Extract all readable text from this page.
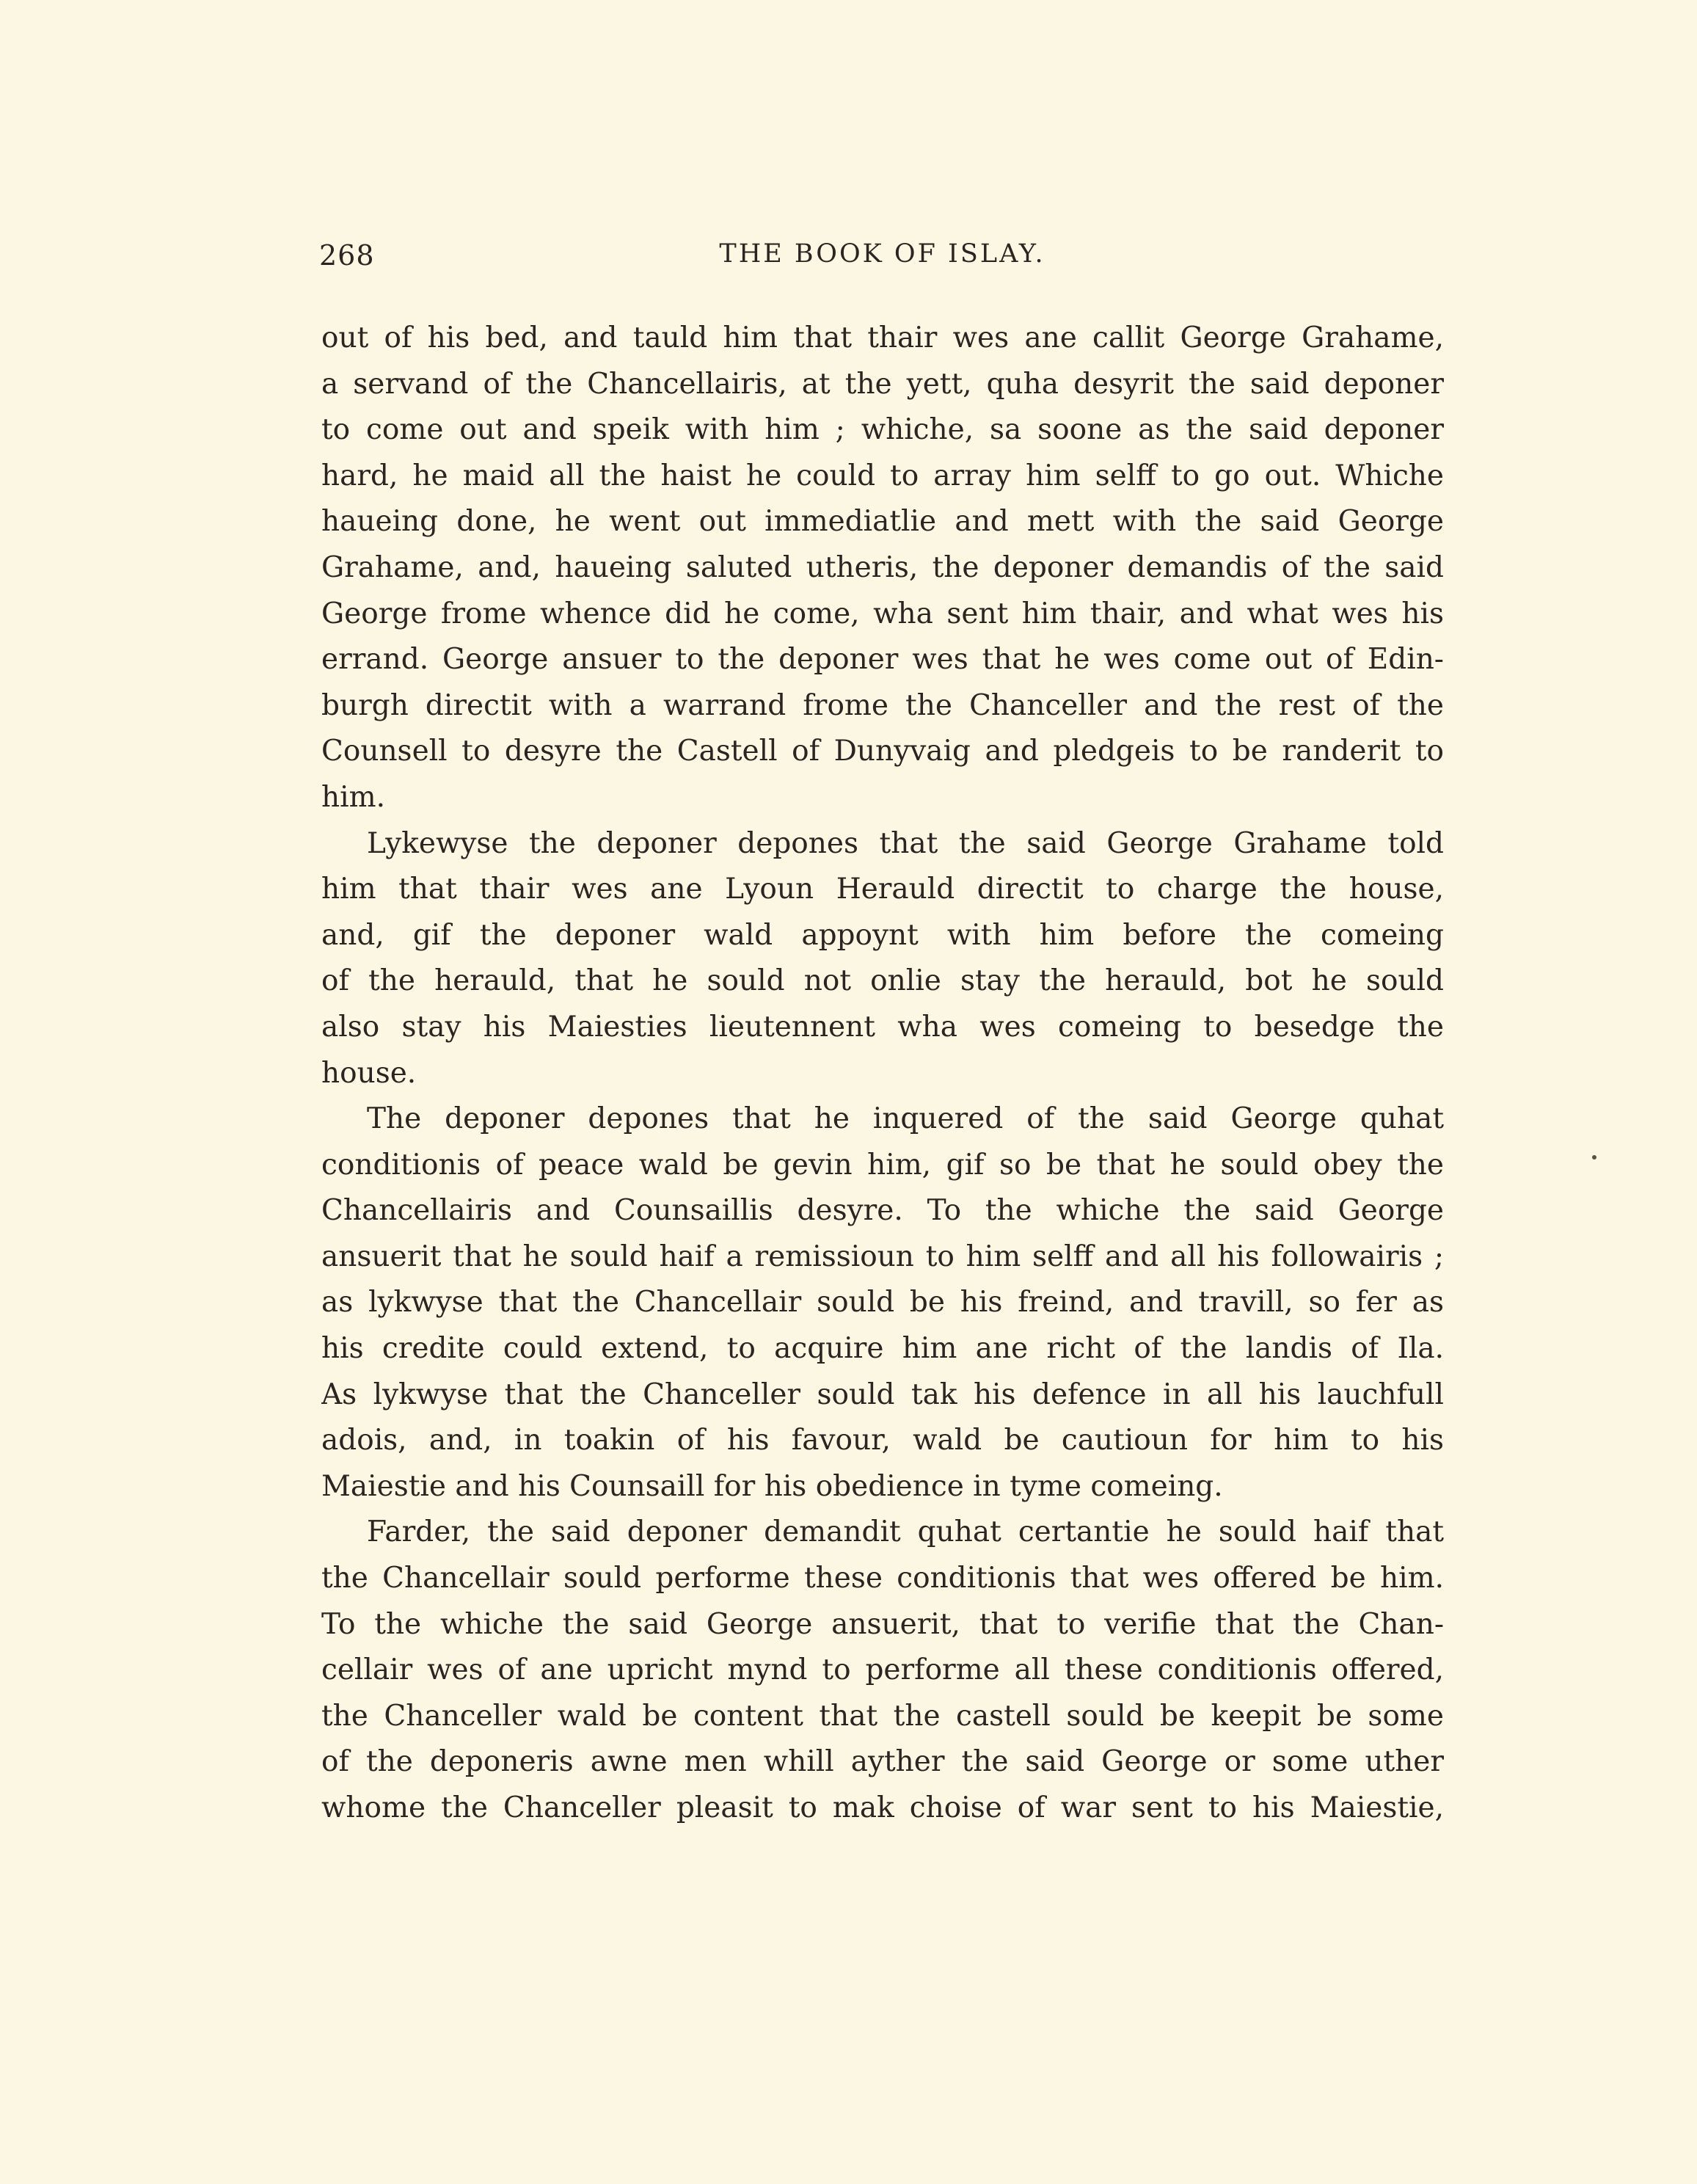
268	THE BOOK OF ISLAY.
out of his bed, and tauld him that thair wes ane callit George Grahame,
a servand of the Chancellairis, at the yett, quha desyrit the said deponer
to come out and speik with him ; whiche, sa soone as the said deponer
hard, he maid all the haist he could to array him selff to go out. Whiche
haueing done, he went out immediatlie and mett with the said George
Grahame, and, haueing saluted utheris, the deponer demandis of the said
George frome whence did he come, wha sent him thair, and what wes his
errand. George ansuer to the deponer wes that he wes come out of Edin-
burgh directit with a warrand frome the Chanceller and the rest of the
Counsell to desyre the Castell of Dunyvaig and pledgeis to be randerit to
him.
Lykewyse the deponer depones that the said George Grahame told
him that thair wes ane Lyoun Herauld directit to charge the house,
and, gif the deponer wald appoynt with him before the comeing
of the herauld, that he sould not onlie stay the herauld, bot he sould
also stay his Maiesties lieutennent wha wes comeing to besedge the
house.
The deponer depones that he inquered of the said George quhat
conditionis of peace wald be gevin him, gif so be that he sould obey the
Chancellairis and Counsaillis desyre. To the whiche the said George
ansuerit that he sould haif a remissioun to him selff and all his followairis ;
as lykwyse that the Chancellair sould be his freind, and travill, so fer as
his credite could extend, to acquire him ane richt of the landis of Ila.
As lykwyse that the Chanceller sould tak his defence in all his lauchfull
adois, and, in toakin of his favour, wald be cautioun for him to his
Maiestie and his Counsaill for his obedience in tyme comeing.
Farder, the said deponer demandit quhat certantie he sould haif that
the Chancellair sould performe these conditionis that wes offered be him.
To the whiche the said George ansuerit, that to verifie that the Chan-
cellair wes of ane upricht mynd to performe all these conditionis offered,
the Chanceller wald be content that the castell sould be keepit be some
of the deponeris awne men whill ayther the said George or some uther
whome the Chanceller pleasit to mak choise of war sent to his Maiestie,
